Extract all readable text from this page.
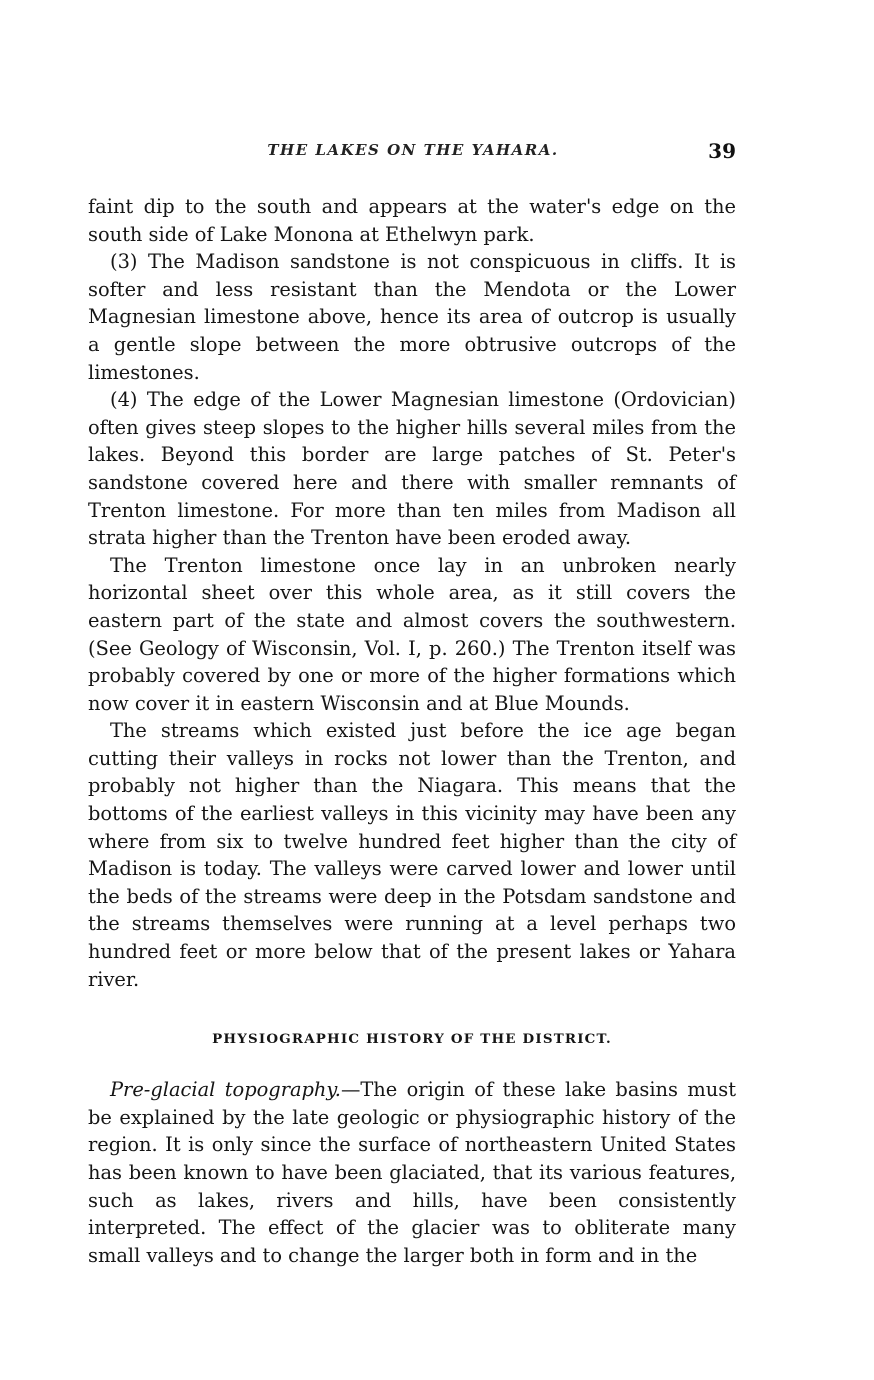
THE LAKES ON THE YAHARA.	39

faint dip to the south and appears at the water's edge on the south side of Lake Monona at Ethelwyn park.

(3) The Madison sandstone is not conspicuous in cliffs. It is softer and less resistant than the Mendota or the Lower Magnesian limestone above, hence its area of outcrop is usually a gentle slope between the more obtrusive outcrops of the limestones.

(4) The edge of the Lower Magnesian limestone (Ordovician) often gives steep slopes to the higher hills several miles from the lakes. Beyond this border are large patches of St. Peter's sandstone covered here and there with smaller remnants of Trenton limestone. For more than ten miles from Madison all strata higher than the Trenton have been eroded away.

The Trenton limestone once lay in an unbroken nearly horizontal sheet over this whole area, as it still covers the eastern part of the state and almost covers the southwestern. (See Geology of Wisconsin, Vol. I, p. 260.) The Trenton itself was probably covered by one or more of the higher formations which now cover it in eastern Wisconsin and at Blue Mounds.

The streams which existed just before the ice age began cutting their valleys in rocks not lower than the Trenton, and probably not higher than the Niagara. This means that the bottoms of the earliest valleys in this vicinity may have been any where from six to twelve hundred feet higher than the city of Madison is today. The valleys were carved lower and lower until the beds of the streams were deep in the Potsdam sandstone and the streams themselves were running at a level perhaps two hundred feet or more below that of the present lakes or Yahara river.

PHYSIOGRAPHIC HISTORY OF THE DISTRICT.

Pre-glacial topography.—The origin of these lake basins must be explained by the late geologic or physiographic history of the region. It is only since the surface of northeastern United States has been known to have been glaciated, that its various features, such as lakes, rivers and hills, have been consistently interpreted. The effect of the glacier was to obliterate many small valleys and to change the larger both in form and in the
